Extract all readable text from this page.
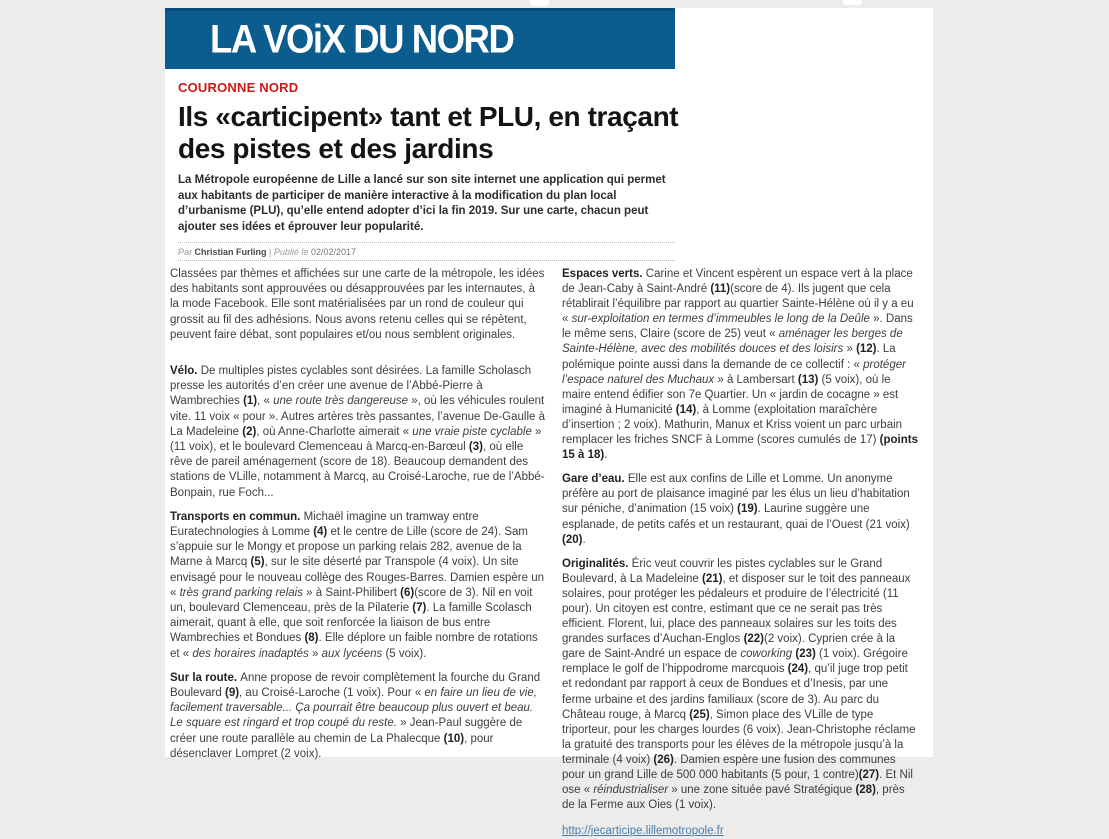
LA VOiX DU NORD
COURONNE NORD
Ils «carticipent» tant et PLU, en traçant des pistes et des jardins

La Métropole européenne de Lille a lancé sur son site internet une application qui permet aux habitants de participer de manière interactive à la modification du plan local d’urbanisme (PLU), qu’elle entend adopter d’ici la fin 2019. Sur une carte, chacun peut ajouter ses idées et éprouver leur popularité.

Par Christian Furling | Publié le 02/02/2017

Classées par thèmes et affichées sur une carte de la métropole, les idées des habitants sont approuvées ou désapprouvées par les internautes, à la mode Facebook. Elle sont matérialisées par un rond de couleur qui grossit au fil des adhésions. Nous avons retenu celles qui se répètent, peuvent faire débat, sont populaires et/ou nous semblent originales.

Vélo. De multiples pistes cyclables sont désirées. La famille Scholasch presse les autorités d’en créer une avenue de l’Abbé-Pierre à Wambrechies (1), « une route très dangereuse », où les véhicules roulent vite. 11 voix « pour ». Autres artères très passantes, l’avenue De-Gaulle à La Madeleine (2), où Anne-Charlotte aimerait « une vraie piste cyclable » (11 voix), et le boulevard Clemenceau à Marcq-en-Barœul (3), où elle rêve de pareil aménagement (score de 18). Beaucoup demandent des stations de VLille, notamment à Marcq, au Croisé-Laroche, rue de l’Abbé-Bonpain, rue Foch...

Transports en commun. Michaël imagine un tramway entre Euratechnologies à Lomme (4) et le centre de Lille (score de 24). Sam s’appuie sur le Mongy et propose un parking relais 282, avenue de la Marne à Marcq (5), sur le site déserté par Transpole (4 voix). Un site envisagé pour le nouveau collège des Rouges-Barres. Damien espère un « très grand parking relais » à Saint-Philibert (6)(score de 3). Nil en voit un, boulevard Clemenceau, près de la Pilaterie (7). La famille Scolasch aimerait, quant à elle, que soit renforcée la liaison de bus entre Wambrechies et Bondues (8). Elle déplore un faible nombre de rotations et « des horaires inadaptés » aux lycéens (5 voix).

Sur la route. Anne propose de revoir complètement la fourche du Grand Boulevard (9), au Croisé-Laroche (1 voix). Pour « en faire un lieu de vie, facilement traversable... Ça pourrait être beaucoup plus ouvert et beau. Le square est ringard et trop coupé du reste. » Jean-Paul suggère de créer une route parallèle au chemin de La Phalecque (10), pour désenclaver Lompret (2 voix).

Espaces verts. Carine et Vincent espèrent un espace vert à la place de Jean-Caby à Saint-André (11)(score de 4). Ils jugent que cela rétablirait l’équilibre par rapport au quartier Sainte-Hélène où il y a eu « sur-exploitation en termes d’immeubles le long de la Deûle ». Dans le même sens, Claire (score de 25) veut « aménager les berges de Sainte-Hélène, avec des mobilités douces et des loisirs » (12). La polémique pointe aussi dans la demande de ce collectif : « protéger l’espace naturel des Muchaux » à Lambersart (13) (5 voix), où le maire entend édifier son 7e Quartier. Un « jardin de cocagne » est imaginé à Humanicité (14), à Lomme (exploitation maraîchère d’insertion ; 2 voix). Mathurin, Manux et Kriss voient un parc urbain remplacer les friches SNCF à Lomme (scores cumulés de 17) (points 15 à 18).

Gare d’eau. Elle est aux confins de Lille et Lomme. Un anonyme préfère au port de plaisance imaginé par les élus un lieu d’habitation sur péniche, d’animation (15 voix) (19). Laurine suggère une esplanade, de petits cafés et un restaurant, quai de l’Ouest (21 voix)(20).

Originalités. Éric veut couvrir les pistes cyclables sur le Grand Boulevard, à La Madeleine (21), et disposer sur le toit des panneaux solaires, pour protéger les pédaleurs et produire de l’électricité (11 pour). Un citoyen est contre, estimant que ce ne serait pas très efficient. Florent, lui, place des panneaux solaires sur les toits des grandes surfaces d’Auchan-Englos (22)(2 voix). Cyprien crée à la gare de Saint-André un espace de coworking (23) (1 voix). Grégoire remplace le golf de l’hippodrome marcquois (24), qu’il juge trop petit et redondant par rapport à ceux de Bondues et d’Inesis, par une ferme urbaine et des jardins familiaux (score de 3). Au parc du Château rouge, à Marcq (25), Simon place des VLille de type triporteur, pour les charges lourdes (6 voix). Jean-Christophe réclame la gratuité des transports pour les élèves de la métropole jusqu’à la terminale (4 voix) (26). Damien espère une fusion des communes pour un grand Lille de 500 000 habitants (5 pour, 1 contre)(27). Et Nil ose « réindustrialiser » une zone située pavé Stratégique (28), près de la Ferme aux Oies (1 voix).

http://jecarticipe.lillemotropole.fr
